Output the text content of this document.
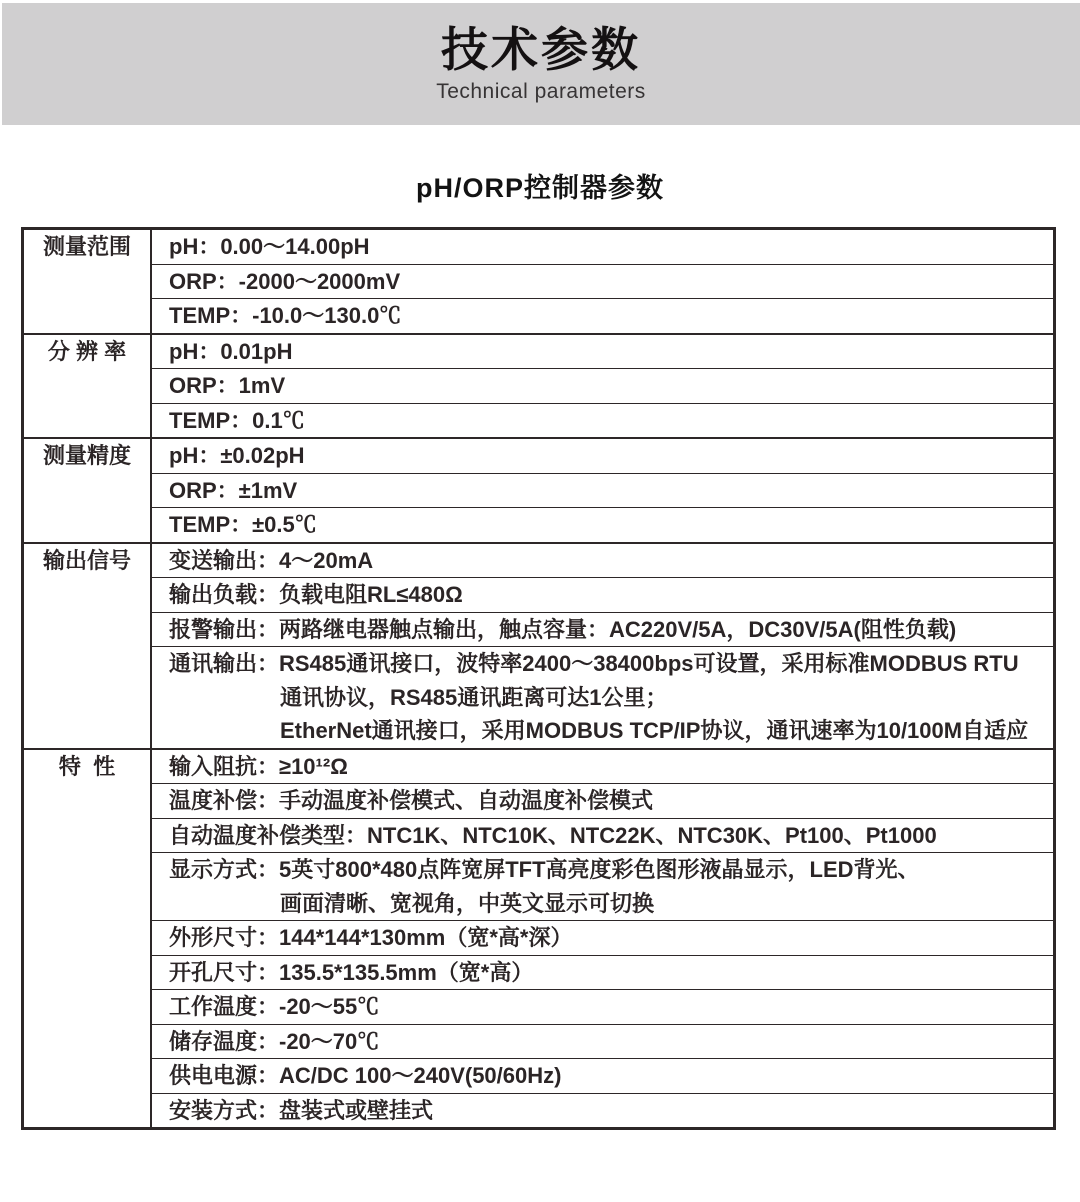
技术参数
Technical parameters
pH/ORP控制器参数
测量范围 pH：0.00～14.00pH
ORP：-2000～2000mV
TEMP：-10.0～130.0℃
分 辨 率 pH：0.01pH
ORP：1mV
TEMP：0.1℃
测量精度 pH：±0.02pH
ORP：±1mV
TEMP：±0.5℃
输出信号 变送输出：4～20mA
输出负载：负载电阻RL≤480Ω
报警输出：两路继电器触点输出，触点容量：AC220V/5A，DC30V/5A(阻性负载)
通讯输出：RS485通讯接口，波特率2400～38400bps可设置，采用标准MODBUS RTU
通讯协议，RS485通讯距离可达1公里；
EtherNet通讯接口，采用MODBUS TCP/IP协议，通讯速率为10/100M自适应
特  性 输入阻抗：≥10¹²Ω
温度补偿：手动温度补偿模式、自动温度补偿模式
自动温度补偿类型：NTC1K、NTC10K、NTC22K、NTC30K、Pt100、Pt1000
显示方式：5英寸800*480点阵宽屏TFT高亮度彩色图形液晶显示，LED背光、
画面清晰、宽视角，中英文显示可切换
外形尺寸：144*144*130mm（宽*高*深）
开孔尺寸：135.5*135.5mm（宽*高）
工作温度：-20～55℃
储存温度：-20～70℃
供电电源：AC/DC 100～240V(50/60Hz)
安装方式：盘装式或壁挂式
